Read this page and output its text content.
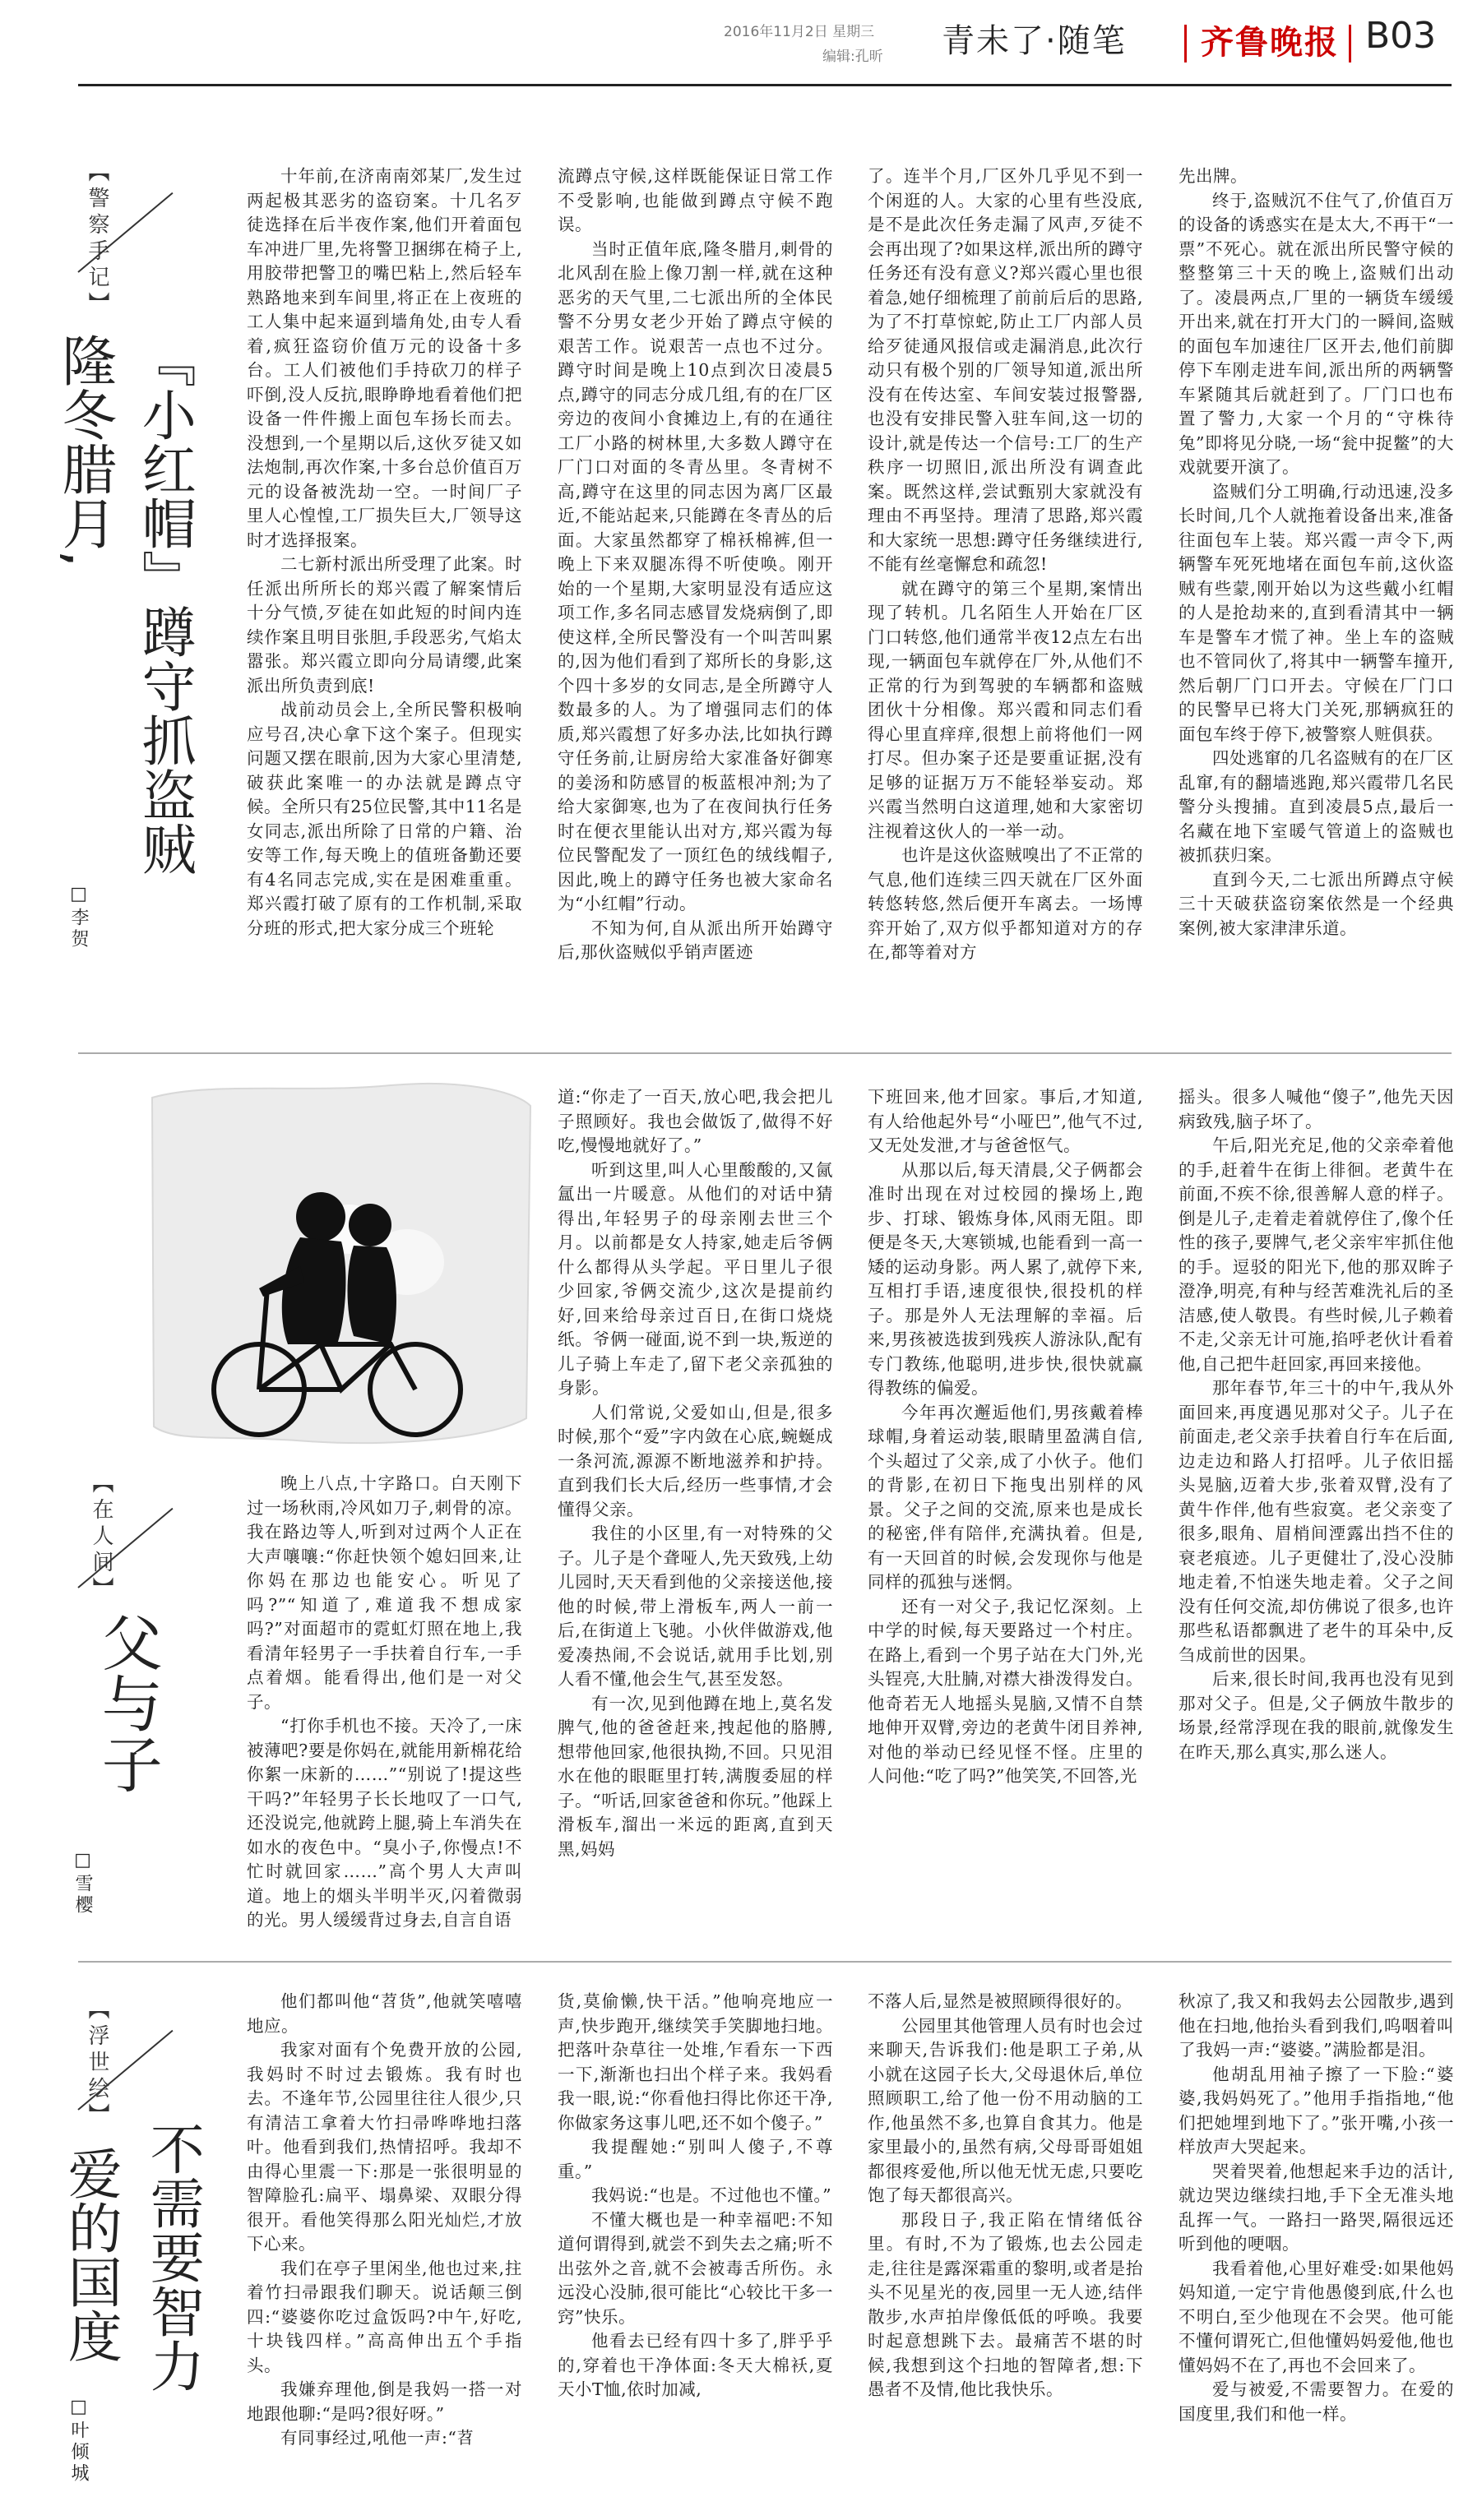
2016年11月2日 星期三
编辑:孔昕 青未了·随笔 齐鲁晚报 B03
【警察手记】
『小红帽』蹲守抓盗贼
隆冬腊月,
□ 李贺

十年前,在济南南郊某厂,发生过两起极其恶劣的盗窃案。十几名歹徒选择在后半夜作案,他们开着面包车冲进厂里,先将警卫捆绑在椅子上,用胶带把警卫的嘴巴粘上,然后轻车熟路地来到车间里,将正在上夜班的工人集中起来逼到墙角处,由专人看着,疯狂盗窃价值万元的设备十多台。工人们被他们手持砍刀的样子吓倒,没人反抗,眼睁睁地看着他们把设备一件件搬上面包车扬长而去。没想到,一个星期以后,这伙歹徒又如法炮制,再次作案,十多台总价值百万元的设备被洗劫一空。一时间厂子里人心惶惶,工厂损失巨大,厂领导这时才选择报案。

二七新村派出所受理了此案。时任派出所所长的郑兴霞了解案情后十分气愤,歹徒在如此短的时间内连续作案且明目张胆,手段恶劣,气焰太嚣张。郑兴霞立即向分局请缨,此案派出所负责到底!

战前动员会上,全所民警积极响应号召,决心拿下这个案子。但现实问题又摆在眼前,因为大家心里清楚,破获此案唯一的办法就是蹲点守候。全所只有25位民警,其中11名是女同志,派出所除了日常的户籍、治安等工作,每天晚上的值班备勤还要有4名同志完成,实在是困难重重。郑兴霞打破了原有的工作机制,采取分班的形式,把大家分成三个班轮

流蹲点守候,这样既能保证日常工作不受影响,也能做到蹲点守候不跑误。

当时正值年底,隆冬腊月,刺骨的北风刮在脸上像刀割一样,就在这种恶劣的天气里,二七派出所的全体民警不分男女老少开始了蹲点守候的艰苦工作。说艰苦一点也不过分。蹲守时间是晚上10点到次日凌晨5点,蹲守的同志分成几组,有的在厂区旁边的夜间小食摊边上,有的在通往工厂小路的树林里,大多数人蹲守在厂门口对面的冬青丛里。冬青树不高,蹲守在这里的同志因为离厂区最近,不能站起来,只能蹲在冬青丛的后面。大家虽然都穿了棉袄棉裤,但一晚上下来双腿冻得不听使唤。刚开始的一个星期,大家明显没有适应这项工作,多名同志感冒发烧病倒了,即使这样,全所民警没有一个叫苦叫累的,因为他们看到了郑所长的身影,这个四十多岁的女同志,是全所蹲守人数最多的人。为了增强同志们的体质,郑兴霞想了好多办法,比如执行蹲守任务前,让厨房给大家准备好御寒的姜汤和防感冒的板蓝根冲剂;为了给大家御寒,也为了在夜间执行任务时在便衣里能认出对方,郑兴霞为每位民警配发了一顶红色的绒线帽子,因此,晚上的蹲守任务也被大家命名为“小红帽”行动。

不知为何,自从派出所开始蹲守后,那伙盗贼似乎销声匿迹

了。连半个月,厂区外几乎见不到一个闲逛的人。大家的心里有些没底,是不是此次任务走漏了风声,歹徒不会再出现了?如果这样,派出所的蹲守任务还有没有意义?郑兴霞心里也很着急,她仔细梳理了前前后后的思路,为了不打草惊蛇,防止工厂内部人员给歹徒通风报信或走漏消息,此次行动只有极个别的厂领导知道,派出所没有在传达室、车间安装过报警器,也没有安排民警入驻车间,这一切的设计,就是传达一个信号:工厂的生产秩序一切照旧,派出所没有调查此案。既然这样,尝试甄别大家就没有理由不再坚持。理清了思路,郑兴霞和大家统一思想:蹲守任务继续进行,不能有丝毫懈怠和疏忽!

就在蹲守的第三个星期,案情出现了转机。几名陌生人开始在厂区门口转悠,他们通常半夜12点左右出现,一辆面包车就停在厂外,从他们不正常的行为到驾驶的车辆都和盗贼团伙十分相像。郑兴霞和同志们看得心里直痒痒,很想上前将他们一网打尽。但办案子还是要重证据,没有足够的证据万万不能轻举妄动。郑兴霞当然明白这道理,她和大家密切注视着这伙人的一举一动。

也许是这伙盗贼嗅出了不正常的气息,他们连续三四天就在厂区外面转悠转悠,然后便开车离去。一场博弈开始了,双方似乎都知道对方的存在,都等着对方

先出牌。

终于,盗贼沉不住气了,价值百万的设备的诱惑实在是太大,不再干“一票”不死心。就在派出所民警守候的整整第三十天的晚上,盗贼们出动了。凌晨两点,厂里的一辆货车缓缓开出来,就在打开大门的一瞬间,盗贼的面包车加速往厂区开去,他们前脚停下车刚走进车间,派出所的两辆警车紧随其后就赶到了。厂门口也布置了警力,大家一个月的“守株待兔”即将见分晓,一场“瓮中捉鳖”的大戏就要开演了。

盗贼们分工明确,行动迅速,没多长时间,几个人就拖着设备出来,准备往面包车上装。郑兴霞一声令下,两辆警车死死地堵在面包车前,这伙盗贼有些蒙,刚开始以为这些戴小红帽的人是抢劫来的,直到看清其中一辆车是警车才慌了神。坐上车的盗贼也不管同伙了,将其中一辆警车撞开,然后朝厂门口开去。守候在厂门口的民警早已将大门关死,那辆疯狂的面包车终于停下,被警察人赃俱获。

四处逃窜的几名盗贼有的在厂区乱窜,有的翻墙逃跑,郑兴霞带几名民警分头搜捕。直到凌晨5点,最后一名藏在地下室暖气管道上的盗贼也被抓获归案。

直到今天,二七派出所蹲点守候三十天破获盗窃案依然是一个经典案例,被大家津津乐道。

【在人间】
父与子
□ 雪樱

晚上八点,十字路口。白天刚下过一场秋雨,冷风如刀子,刺骨的凉。我在路边等人,听到对过两个人正在大声嚷嚷:“你赶快领个媳妇回来,让你妈在那边也能安心。听见了吗?”“知道了,难道我不想成家吗?”对面超市的霓虹灯照在地上,我看清年轻男子一手扶着自行车,一手点着烟。能看得出,他们是一对父子。

“打你手机也不接。天冷了,一床被薄吧?要是你妈在,就能用新棉花给你絮一床新的……”“别说了!提这些干吗?”年轻男子长长地叹了一口气,还没说完,他就跨上腿,骑上车消失在如水的夜色中。“臭小子,你慢点!不忙时就回家……”高个男人大声叫道。地上的烟头半明半灭,闪着微弱的光。男人缓缓背过身去,自言自语

道:“你走了一百天,放心吧,我会把儿子照顾好。我也会做饭了,做得不好吃,慢慢地就好了。”

听到这里,叫人心里酸酸的,又氤氲出一片暖意。从他们的对话中猜得出,年轻男子的母亲刚去世三个月。以前都是女人持家,她走后爷俩什么都得从头学起。平日里儿子很少回家,爷俩交流少,这次是提前约好,回来给母亲过百日,在街口烧烧纸。爷俩一碰面,说不到一块,叛逆的儿子骑上车走了,留下老父亲孤独的身影。

人们常说,父爱如山,但是,很多时候,那个“爱”字内敛在心底,蜿蜒成一条河流,源源不断地滋养和护持。直到我们长大后,经历一些事情,才会懂得父亲。

我住的小区里,有一对特殊的父子。儿子是个聋哑人,先天致残,上幼儿园时,天天看到他的父亲接送他,接他的时候,带上滑板车,两人一前一后,在街道上飞驰。小伙伴做游戏,他爱凑热闹,不会说话,就用手比划,别人看不懂,他会生气,甚至发怒。

有一次,见到他蹲在地上,莫名发脾气,他的爸爸赶来,拽起他的胳膊,想带他回家,他很执拗,不回。只见泪水在他的眼眶里打转,满腹委屈的样子。“听话,回家爸爸和你玩。”他踩上滑板车,溜出一米远的距离,直到天黑,妈妈

下班回来,他才回家。事后,才知道,有人给他起外号“小哑巴”,他气不过,又无处发泄,才与爸爸怄气。

从那以后,每天清晨,父子俩都会准时出现在对过校园的操场上,跑步、打球、锻炼身体,风雨无阻。即便是冬天,大寒锁城,也能看到一高一矮的运动身影。两人累了,就停下来,互相打手语,速度很快,很投机的样子。那是外人无法理解的幸福。后来,男孩被选拔到残疾人游泳队,配有专门教练,他聪明,进步快,很快就赢得教练的偏爱。

今年再次邂逅他们,男孩戴着棒球帽,身着运动装,眼睛里盈满自信,个头超过了父亲,成了小伙子。他们的背影,在初日下拖曳出别样的风景。父子之间的交流,原来也是成长的秘密,伴有陪伴,充满执着。但是,有一天回首的时候,会发现你与他是同样的孤独与迷惘。

还有一对父子,我记忆深刻。上中学的时候,每天要路过一个村庄。在路上,看到一个男子站在大门外,光头锃亮,大肚腩,对襟大褂泼得发白。他奇若无人地摇头晃脑,又情不自禁地伸开双臂,旁边的老黄牛闭目养神,对他的举动已经见怪不怪。庄里的人问他:“吃了吗?”他笑笑,不回答,光

摇头。很多人喊他“傻子”,他先天因病致残,脑子坏了。

午后,阳光充足,他的父亲牵着他的手,赶着牛在街上徘徊。老黄牛在前面,不疾不徐,很善解人意的样子。倒是儿子,走着走着就停住了,像个任性的孩子,要牌气,老父亲牢牢抓住他的手。逗驳的阳光下,他的那双眸子澄净,明亮,有种与经苦难洗礼后的圣洁感,使人敬畏。有些时候,儿子赖着不走,父亲无计可施,掐呼老伙计看着他,自己把牛赶回家,再回来接他。

那年春节,年三十的中午,我从外面回来,再度遇见那对父子。儿子在前面走,老父亲手扶着自行车在后面,边走边和路人打招呼。儿子依旧摇头晃脑,迈着大步,张着双臂,没有了黄牛作伴,他有些寂寞。老父亲变了很多,眼角、眉梢间湮露出挡不住的衰老痕迹。儿子更健壮了,没心没肺地走着,不怕迷失地走着。父子之间没有任何交流,却仿佛说了很多,也许那些私语都飘进了老牛的耳朵中,反刍成前世的因果。

后来,很长时间,我再也没有见到那对父子。但是,父子俩放牛散步的场景,经常浮现在我的眼前,就像发生在昨天,那么真实,那么迷人。

【浮世绘】
不需要智力
爱的国度
□ 叶倾城

他们都叫他“苕货”,他就笑嘻嘻地应。

我家对面有个免费开放的公园,我妈时不时过去锻炼。我有时也去。不逢年节,公园里往往人很少,只有清洁工拿着大竹扫帚哗哗地扫落叶。他看到我们,热情招呼。我却不由得心里震一下:那是一张很明显的智障脸孔:扁平、塌鼻梁、双眼分得很开。看他笑得那么阳光灿烂,才放下心来。

我们在亭子里闲坐,他也过来,拄着竹扫帚跟我们聊天。说话颠三倒四:“婆婆你吃过盒饭吗?中午,好吃,十块钱四样。”高高伸出五个手指头。

我嫌弃理他,倒是我妈一搭一对地跟他聊:“是吗?很好呀。”

有同事经过,吼他一声:“苕

货,莫偷懒,快干活。”他响亮地应一声,快步跑开,继续笑手笑脚地扫地。把落叶杂草往一处堆,乍看东一下西一下,渐渐也扫出个样子来。我妈看我一眼,说:“你看他扫得比你还干净,你做家务这事儿吧,还不如个傻子。”

我提醒她:“别叫人傻子,不尊重。”

我妈说:“也是。不过他也不懂。”

不懂大概也是一种幸福吧:不知道何谓得到,就尝不到失去之痛;听不出弦外之音,就不会被毒舌所伤。永远没心没肺,很可能比“心较比干多一窍”快乐。

他看去已经有四十多了,胖乎乎的,穿着也干净体面:冬天大棉袄,夏天小T恤,依时加减,

不落人后,显然是被照顾得很好的。

公园里其他管理人员有时也会过来聊天,告诉我们:他是职工子弟,从小就在这园子长大,父母退休后,单位照顾职工,给了他一份不用动脑的工作,他虽然不多,也算自食其力。他是家里最小的,虽然有病,父母哥哥姐姐都很疼爱他,所以他无忧无虑,只要吃饱了每天都很高兴。

那段日子,我正陷在情绪低谷里。有时,不为了锻炼,也去公园走走,往往是露深霜重的黎明,或者是抬头不见星光的夜,园里一无人迹,结伴散步,水声拍岸像低低的呼唤。我要时起意想跳下去。最痛苦不堪的时候,我想到这个扫地的智障者,想:下愚者不及情,他比我快乐。

秋凉了,我又和我妈去公园散步,遇到他在扫地,他抬头看到我们,呜咽着叫了我妈一声:“婆婆。”满脸都是泪。

他胡乱用袖子擦了一下脸:“婆婆,我妈妈死了。”他用手指指地,“他们把她埋到地下了。”张开嘴,小孩一样放声大哭起来。

哭着哭着,他想起来手边的活计,就边哭边继续扫地,手下全无准头地乱挥一气。一路扫一路哭,隔很远还听到他的哽咽。

我看着他,心里好难受:如果他妈妈知道,一定宁肯他愚傻到底,什么也不明白,至少他现在不会哭。他可能不懂何谓死亡,但他懂妈妈爱他,他也懂妈妈不在了,再也不会回来了。

爱与被爱,不需要智力。在爱的国度里,我们和他一样。
